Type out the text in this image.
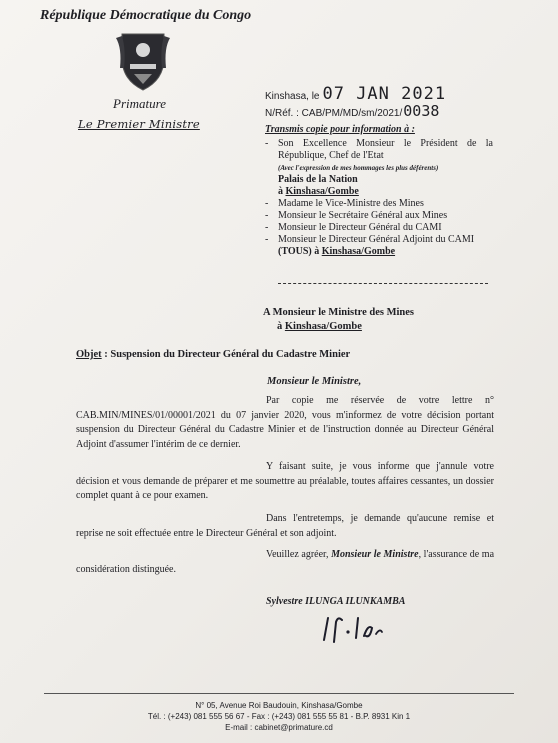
République Démocratique du Congo
Primature
Le Premier Ministre
Kinshasa, le 07 JAN 2021
N/Réf. : CAB/PM/MD/sm/2021/0038
Transmis copie pour information à :
- Son Excellence Monsieur le Président de la République, Chef de l'Etat
(Avec l'expression de mes hommages les plus déférents)
Palais de la Nation
à Kinshasa/Gombe
- Madame le Vice-Ministre des Mines
- Monsieur le Secrétaire Général aux Mines
- Monsieur le Directeur Général du CAMI
- Monsieur le Directeur Général Adjoint du CAMI
(TOUS) à Kinshasa/Gombe
A Monsieur le Ministre des Mines
à Kinshasa/Gombe
Objet : Suspension du Directeur Général du Cadastre Minier
Monsieur le Ministre,
Par copie me réservée de votre lettre n° CAB.MIN/MINES/01/00001/2021 du 07 janvier 2020, vous m'informez de votre décision portant suspension du Directeur Général du Cadastre Minier et de l'instruction donnée au Directeur Général Adjoint d'assumer l'intérim de ce dernier.
Y faisant suite, je vous informe que j'annule votre décision et vous demande de préparer et me soumettre au préalable, toutes affaires cessantes, un dossier complet quant à ce pour examen.
Dans l'entretemps, je demande qu'aucune remise et reprise ne soit effectuée entre le Directeur Général et son adjoint.
Veuillez agréer, Monsieur le Ministre, l'assurance de ma considération distinguée.
Sylvestre ILUNGA ILUNKAMBA
N° 05, Avenue Roi Baudouin, Kinshasa/Gombe
Tél. : (+243) 081 555 56 67 - Fax : (+243) 081 555 55 81 - B.P. 8931 Kin 1
E-mail : cabinet@primature.cd
